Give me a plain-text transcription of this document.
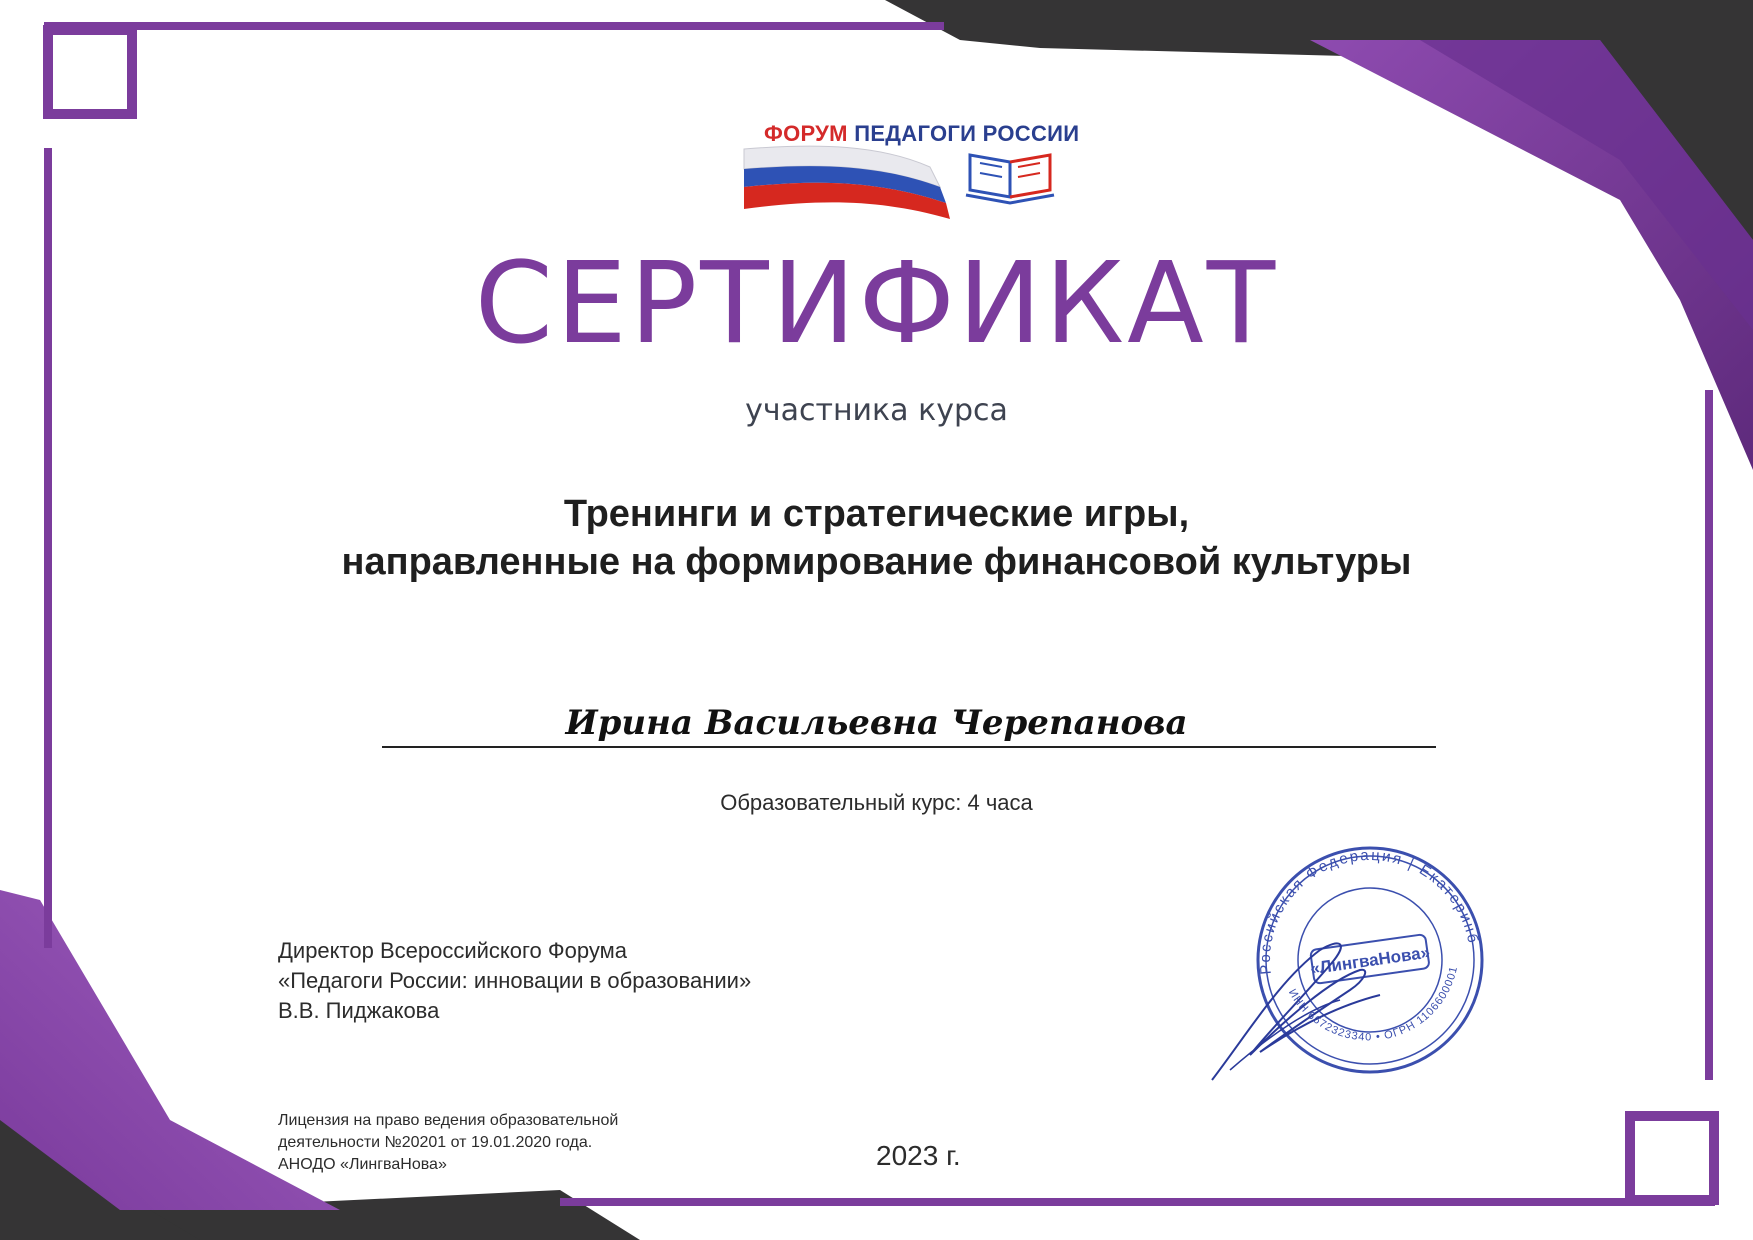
ФОРУМ ПЕДАГОГИ РОССИИ
СЕРТИФИКАТ
участника курса
Тренинги и стратегические игры,
направленные на формирование финансовой культуры
Ирина Васильевна Черепанова
Образовательный курс: 4 часа
Директор Всероссийского Форума
«Педагоги России: инновации в образовании»
В.В. Пиджакова
Лицензия на право ведения образовательной
деятельности №20201 от 19.01.2020 года.
АНОДО «ЛингваНова»	2023 г.
Российская Федерация | Екатеринбург
ИНН 6672323340 • ОГРН 1106600001136
«ЛингваНова»
